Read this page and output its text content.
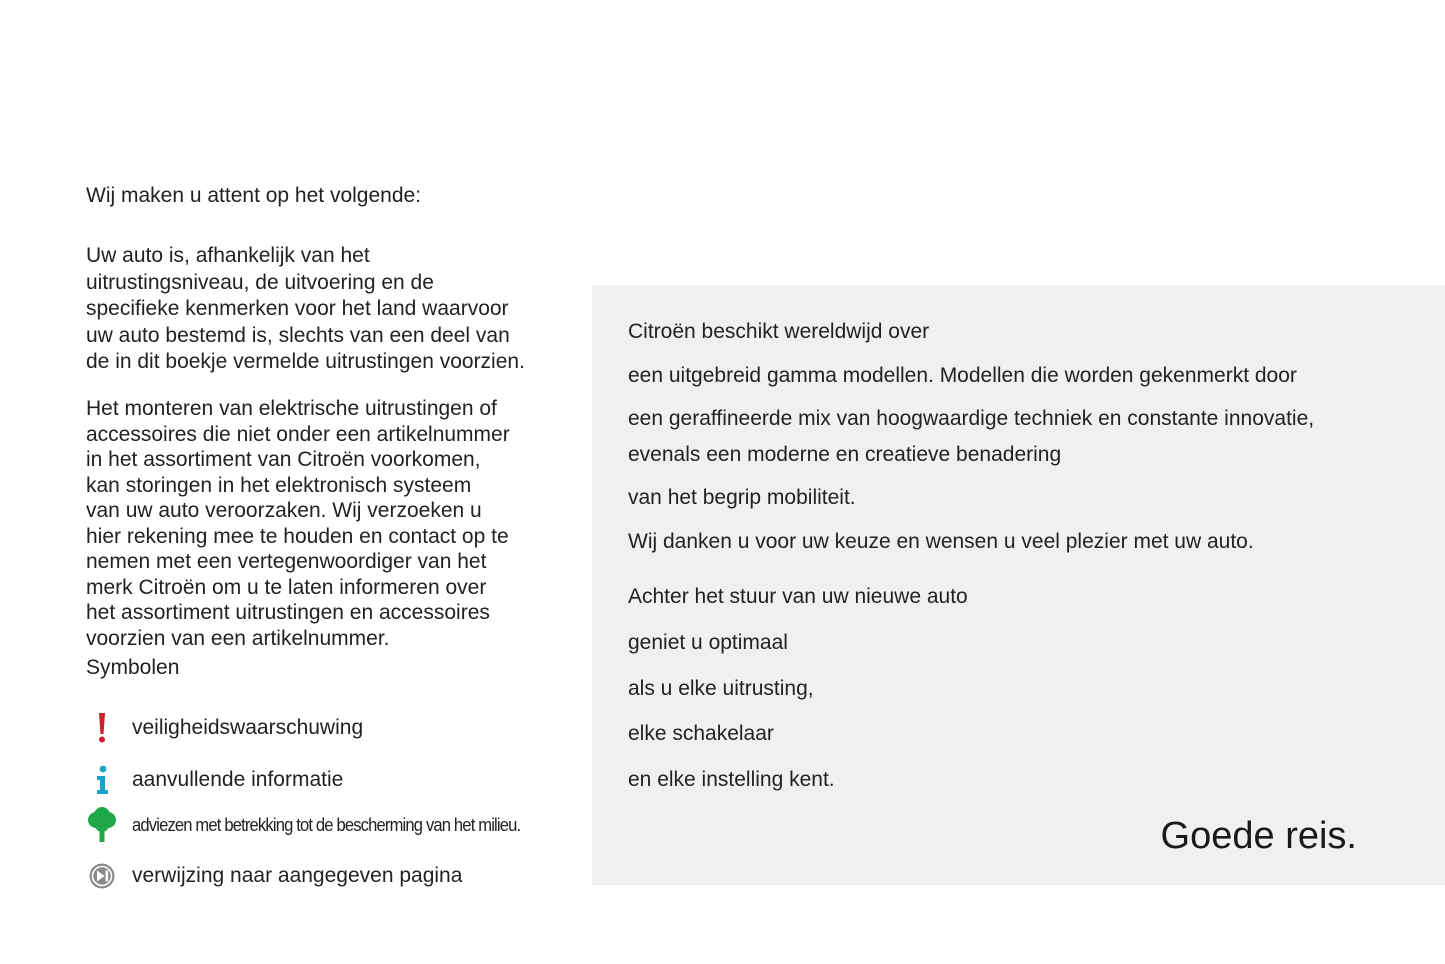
Wij maken u attent op het volgende:
Uw auto is, afhankelijk van het
uitrustingsniveau, de uitvoering en de
specifieke kenmerken voor het land waarvoor
uw auto bestemd is, slechts van een deel van
de in dit boekje vermelde uitrustingen voorzien.
Het monteren van elektrische uitrustingen of
accessoires die niet onder een artikelnummer
in het assortiment van Citroën voorkomen,
kan storingen in het elektronisch systeem
van uw auto veroorzaken. Wij verzoeken u
hier rekening mee te houden en contact op te
nemen met een vertegenwoordiger van het
merk Citroën om u te laten informeren over
het assortiment uitrustingen en accessoires
voorzien van een artikelnummer.
Symbolen
veiligheidswaarschuwing
aanvullende informatie
adviezen met betrekking tot de bescherming van het milieu.
verwijzing naar aangegeven pagina
Citroën beschikt wereldwijd over
een uitgebreid gamma modellen. Modellen die worden gekenmerkt door
een geraffineerde mix van hoogwaardige techniek en constante innovatie,
evenals een moderne en creatieve benadering
van het begrip mobiliteit.
Wij danken u voor uw keuze en wensen u veel plezier met uw auto.
Achter het stuur van uw nieuwe auto
geniet u optimaal
als u elke uitrusting,
elke schakelaar
en elke instelling kent.
Goede reis.
